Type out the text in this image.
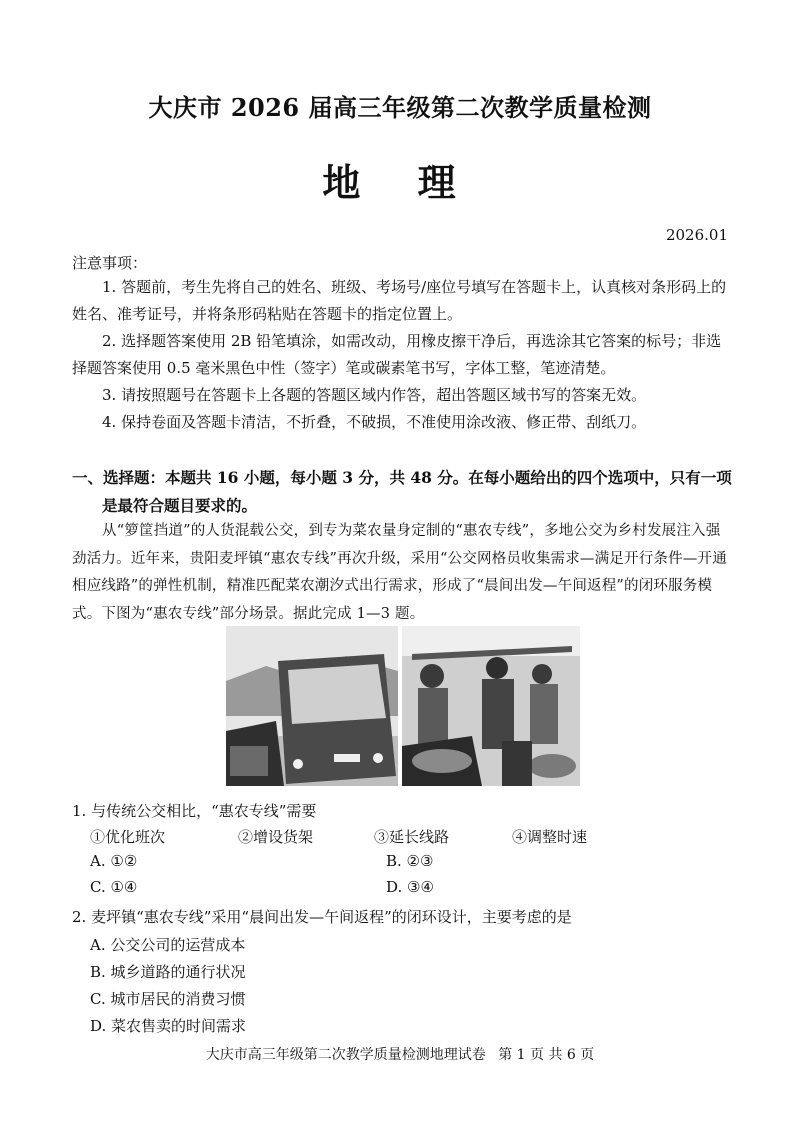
大庆市 2026 届高三年级第二次教学质量检测
地 理
2026.01
注意事项：

1. 答题前，考生先将自己的姓名、班级、考场号/座位号填写在答题卡上，认真核对条形码上的姓名、准考证号，并将条形码粘贴在答题卡的指定位置上。

2. 选择题答案使用 2B 铅笔填涂，如需改动，用橡皮擦干净后，再选涂其它答案的标号；非选择题答案使用 0.5 毫米黑色中性（签字）笔或碳素笔书写，字体工整，笔迹清楚。

3. 请按照题号在答题卡上各题的答题区域内作答，超出答题区域书写的答案无效。

4. 保持卷面及答题卡清洁，不折叠，不破损，不准使用涂改液、修正带、刮纸刀。

一、选择题：本题共 16 小题，每小题 3 分，共 48 分。在每小题给出的四个选项中，只有一项
是最符合题目要求的。

从“箩筐挡道”的人货混载公交，到专为菜农量身定制的“惠农专线”，多地公交为乡村发展注入强劲活力。近年来，贵阳麦坪镇“惠农专线”再次升级，采用“公交网格员收集需求—满足开行条件—开通相应线路”的弹性机制，精准匹配菜农潮汐式出行需求，形成了“晨间出发—午间返程”的闭环服务模式。下图为“惠农专线”部分场景。据此完成 1—3 题。

1. 与传统公交相比，“惠农专线”需要
①优化班次	②增设货架	③延长线路	④调整时速
A. ①②	B. ②③
C. ①④	D. ③④
2. 麦坪镇“惠农专线”采用“晨间出发—午间返程”的闭环设计，主要考虑的是
A. 公交公司的运营成本
B. 城乡道路的通行状况
C. 城市居民的消费习惯
D. 菜农售卖的时间需求
大庆市高三年级第二次教学质量检测地理试卷 第 1 页 共 6 页
